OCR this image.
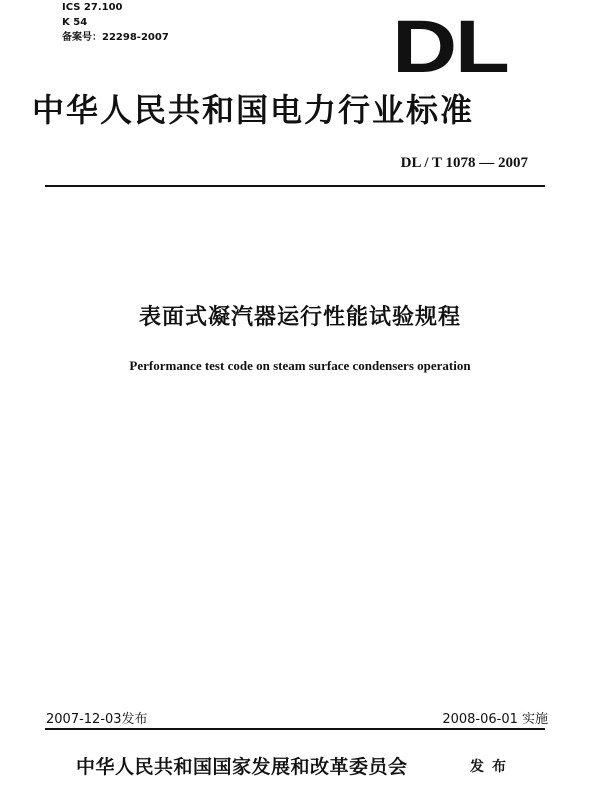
ICS 27.100
K 54
备案号：22298-2007	DL
中华人民共和国电力行业标准
DL / T 1078 — 2007
表面式凝汽器运行性能试验规程
Performance test code on steam surface condensers operation
2007-12-03发布	2008-06-01 实施
中华人民共和国国家发展和改革委员会	发布
